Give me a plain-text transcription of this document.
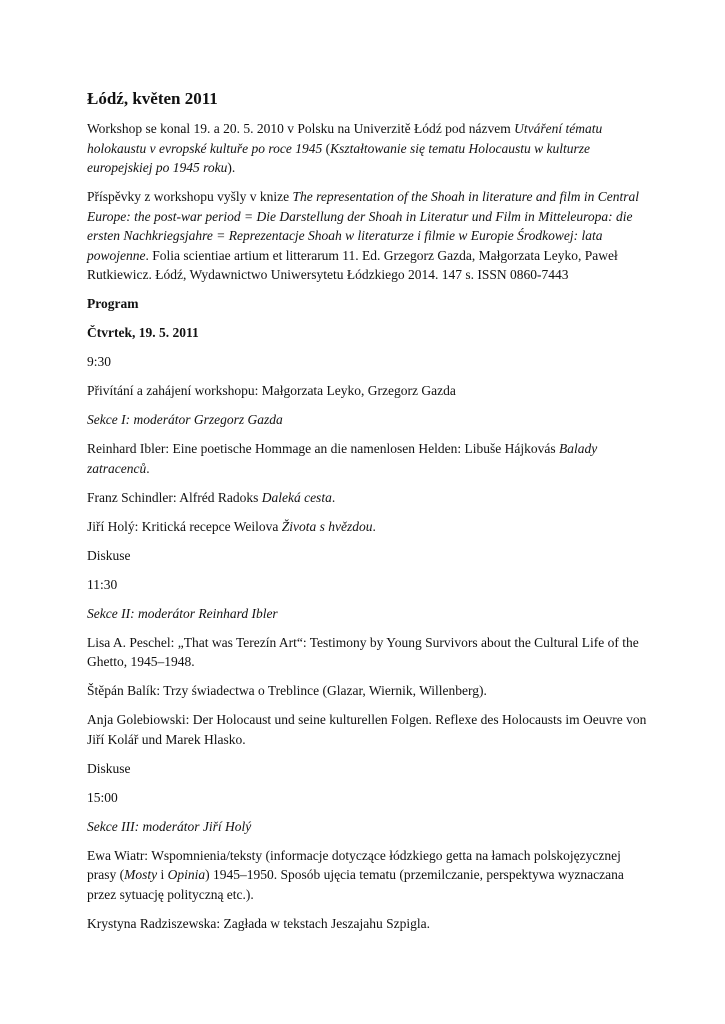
Łódź, květen 2011

Workshop se konal 19. a 20. 5. 2010 v Polsku na Univerzitě Łódź pod názvem Utváření tématu holokaustu v evropské kultuře po roce 1945 (Kształtowanie się tematu Holocaustu w kulturze europejskiej po 1945 roku).

Příspěvky z workshopu vyšly v knize The representation of the Shoah in literature and film in Central Europe: the post-war period = Die Darstellung der Shoah in Literatur und Film in Mitteleuropa: die ersten Nachkriegsjahre = Reprezentacje Shoah w literaturze i filmie w Europie Środkowej: lata powojenne. Folia scientiae artium et litterarum 11. Ed. Grzegorz Gazda, Małgorzata Leyko, Paweł Rutkiewicz. Łódź, Wydawnictwo Uniwersytetu Łódzkiego 2014. 147 s. ISSN 0860-7443

Program

Čtvrtek, 19. 5. 2011

9:30

Přivítání a zahájení workshopu: Małgorzata Leyko, Grzegorz Gazda

Sekce I: moderátor Grzegorz Gazda

Reinhard Ibler: Eine poetische Hommage an die namenlosen Helden: Libuše Hájkovás Balady zatracenců.

Franz Schindler: Alfréd Radoks Daleká cesta.

Jiří Holý: Kritická recepce Weilova Života s hvězdou.

Diskuse

11:30

Sekce II: moderátor Reinhard Ibler

Lisa A. Peschel: „That was Terezín Art“: Testimony by Young Survivors about the Cultural Life of the Ghetto, 1945–1948.

Štěpán Balík: Trzy świadectwa o Treblince (Glazar, Wiernik, Willenberg).

Anja Golebiowski: Der Holocaust und seine kulturellen Folgen. Reflexe des Holocausts im Oeuvre von Jiří Kolář und Marek Hlasko.

Diskuse

15:00

Sekce III: moderátor Jiří Holý

Ewa Wiatr: Wspomnienia/teksty (informacje dotyczące łódzkiego getta na łamach polskojęzycznej prasy (Mosty i Opinia) 1945–1950. Sposób ujęcia tematu (przemilczanie, perspektywa wyznaczana przez sytuację polityczną etc.).

Krystyna Radziszewska: Zagłada w tekstach Jeszajahu Szpigla.
